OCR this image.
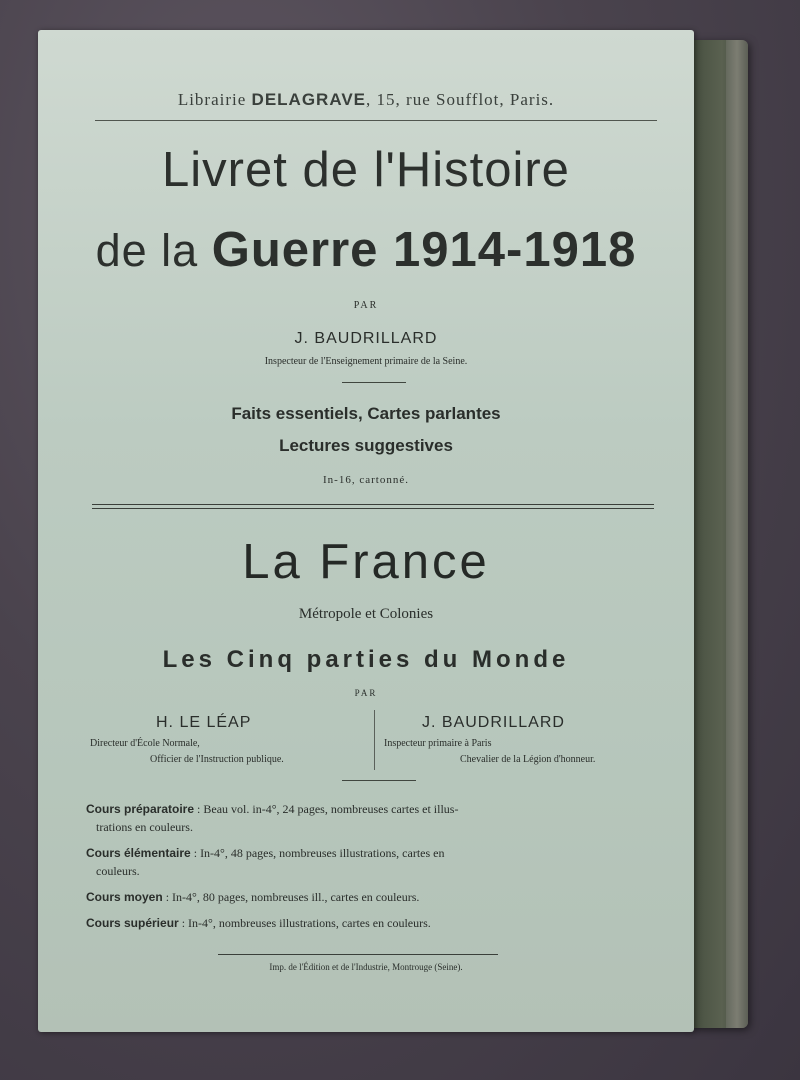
Librairie DELAGRAVE, 15, rue Soufflot, Paris.
Livret de l'Histoire
de la Guerre 1914-1918
PAR
J. BAUDRILLARD
Inspecteur de l'Enseignement primaire de la Seine.
Faits essentiels, Cartes parlantes
Lectures suggestives
In-16, cartonné.
La France
Métropole et Colonies
Les Cinq parties du Monde
PAR
H. LE LÉAP
Directeur d'École Normale,
Officier de l'Instruction publique.
J. BAUDRILLARD
Inspecteur primaire à Paris
Chevalier de la Légion d'honneur.
Cours préparatoire : Beau vol. in-4°, 24 pages, nombreuses cartes et illus-
trations en couleurs.
Cours élémentaire : In-4°, 48 pages, nombreuses illustrations, cartes en
couleurs.
Cours moyen : In-4°, 80 pages, nombreuses ill., cartes en couleurs.
Cours supérieur : In-4°, nombreuses illustrations, cartes en couleurs.
Imp. de l'Édition et de l'Industrie, Montrouge (Seine).
